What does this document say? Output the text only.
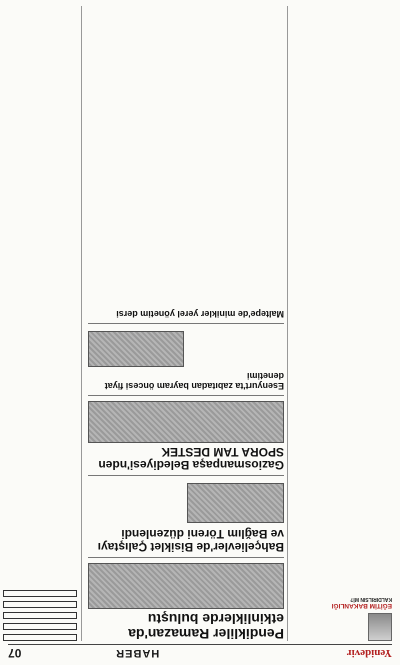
Yenidevir
HABER
07
EĞİTİM BAKANLIĞI
KALDIRILSIN Mİ?
Pendikliler Ramazan'da etkinliklerde buluştu
Bahçelievler'de Bisiklet Çalıştayı ve Bağlım Töreni düzenlendi
Gaziosmanpaşa Belediyesi'nden SPORA TAM DESTEK
Esenyurt'ta zabıtadan bayram öncesi fiyat denetimi
Maltepe'de minikler yerel yönetim dersi
